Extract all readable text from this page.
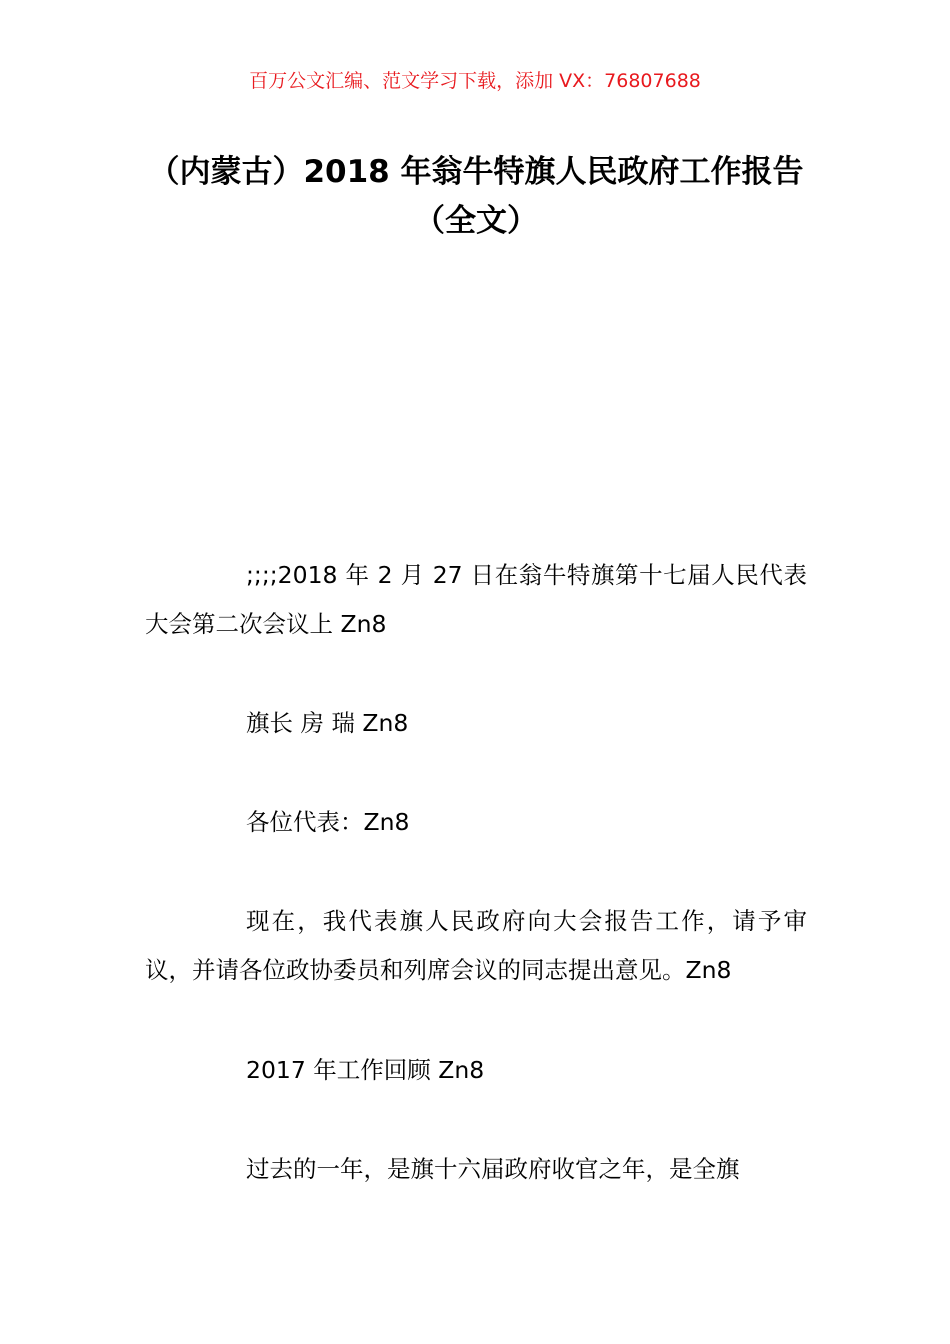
百万公文汇编、范文学习下载，添加 VX：76807688
（内蒙古）2018 年翁牛特旗人民政府工作报告（全文）

;;;;2018 年 2 月 27 日在翁牛特旗第十七届人民代表大会第二次会议上 Zn8

旗长 房 瑞 Zn8

各位代表：Zn8

现在，我代表旗人民政府向大会报告工作，请予审议，并请各位政协委员和列席会议的同志提出意见。Zn8

2017 年工作回顾 Zn8

过去的一年，是旗十六届政府收官之年，是全旗
